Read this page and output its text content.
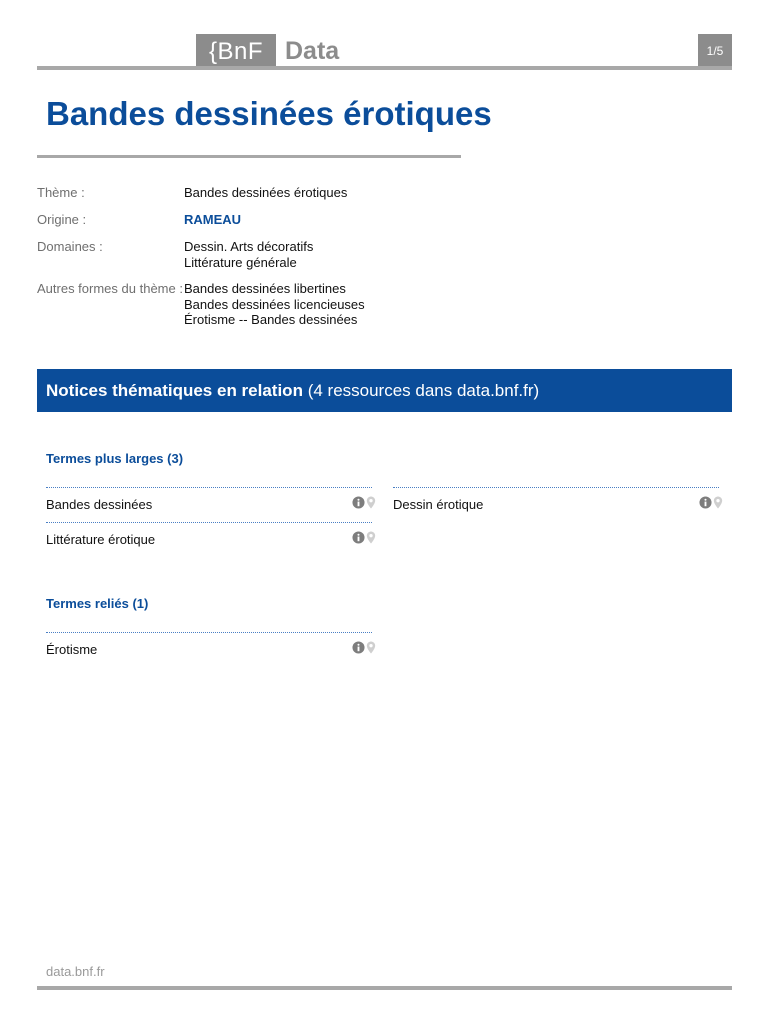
{BnF Data	1/5
Bandes dessinées érotiques
Thème :	Bandes dessinées érotiques
Origine :	RAMEAU
Domaines :	Dessin. Arts décoratifs
Littérature générale
Autres formes du thème : Bandes dessinées libertines
Bandes dessinées licencieuses
Érotisme -- Bandes dessinées
Notices thématiques en relation (4 ressources dans data.bnf.fr)
Termes plus larges (3)
Bandes dessinées	Dessin érotique
Littérature érotique
Termes reliés (1)
Érotisme
data.bnf.fr
